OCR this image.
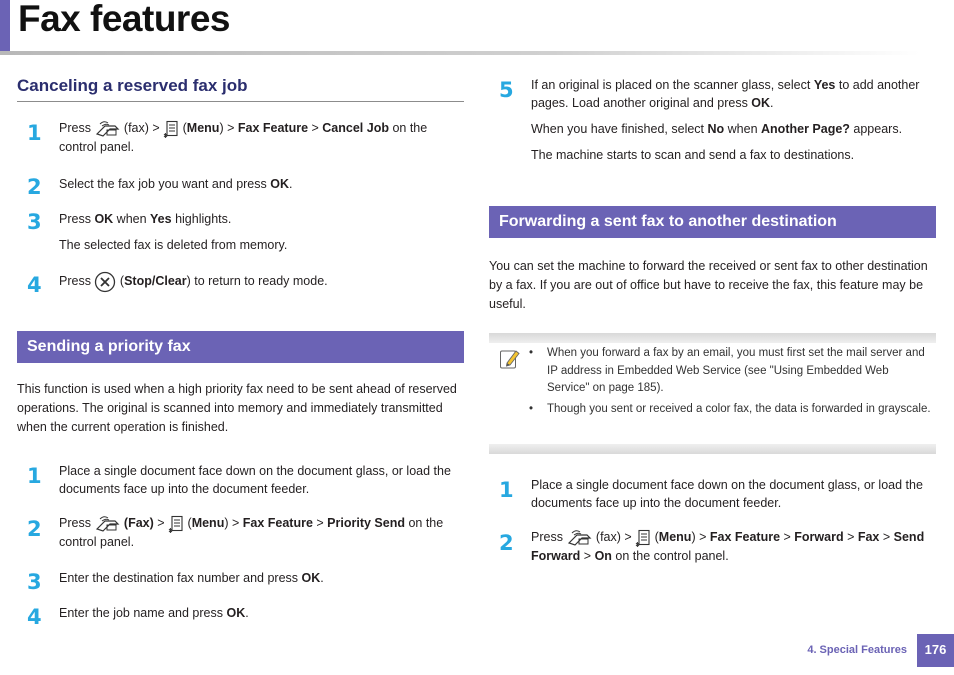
Fax features
Canceling a reserved fax job
1 Press  (fax) >  (Menu) > Fax Feature > Cancel Job on the control panel.
2 Select the fax job you want and press OK.
3 Press OK when Yes highlights.
The selected fax is deleted from memory.
4 Press  (Stop/Clear) to return to ready mode.
Sending a priority fax
This function is used when a high priority fax need to be sent ahead of reserved operations. The original is scanned into memory and immediately transmitted when the current operation is finished.
1 Place a single document face down on the document glass, or load the documents face up into the document feeder.
2 Press  (Fax) >  (Menu) > Fax Feature > Priority Send on the control panel.
3 Enter the destination fax number and press OK.
4 Enter the job name and press OK.
5 If an original is placed on the scanner glass, select Yes to add another pages. Load another original and press OK.
When you have finished, select No when Another Page? appears.
The machine starts to scan and send a fax to destinations.
Forwarding a sent fax to another destination
You can set the machine to forward the received or sent fax to other destination by a fax. If you are out of office but have to receive the fax, this feature may be useful.
•	When you forward a fax by an email, you must first set the mail server and IP address in Embedded Web Service (see "Using Embedded Web Service" on page 185).
•	Though you sent or received a color fax, the data is forwarded in grayscale.
1 Place a single document face down on the document glass, or load the documents face up into the document feeder.
2 Press  (fax) >  (Menu) > Fax Feature > Forward > Fax > Send Forward > On on the control panel.
4. Special Features	176
